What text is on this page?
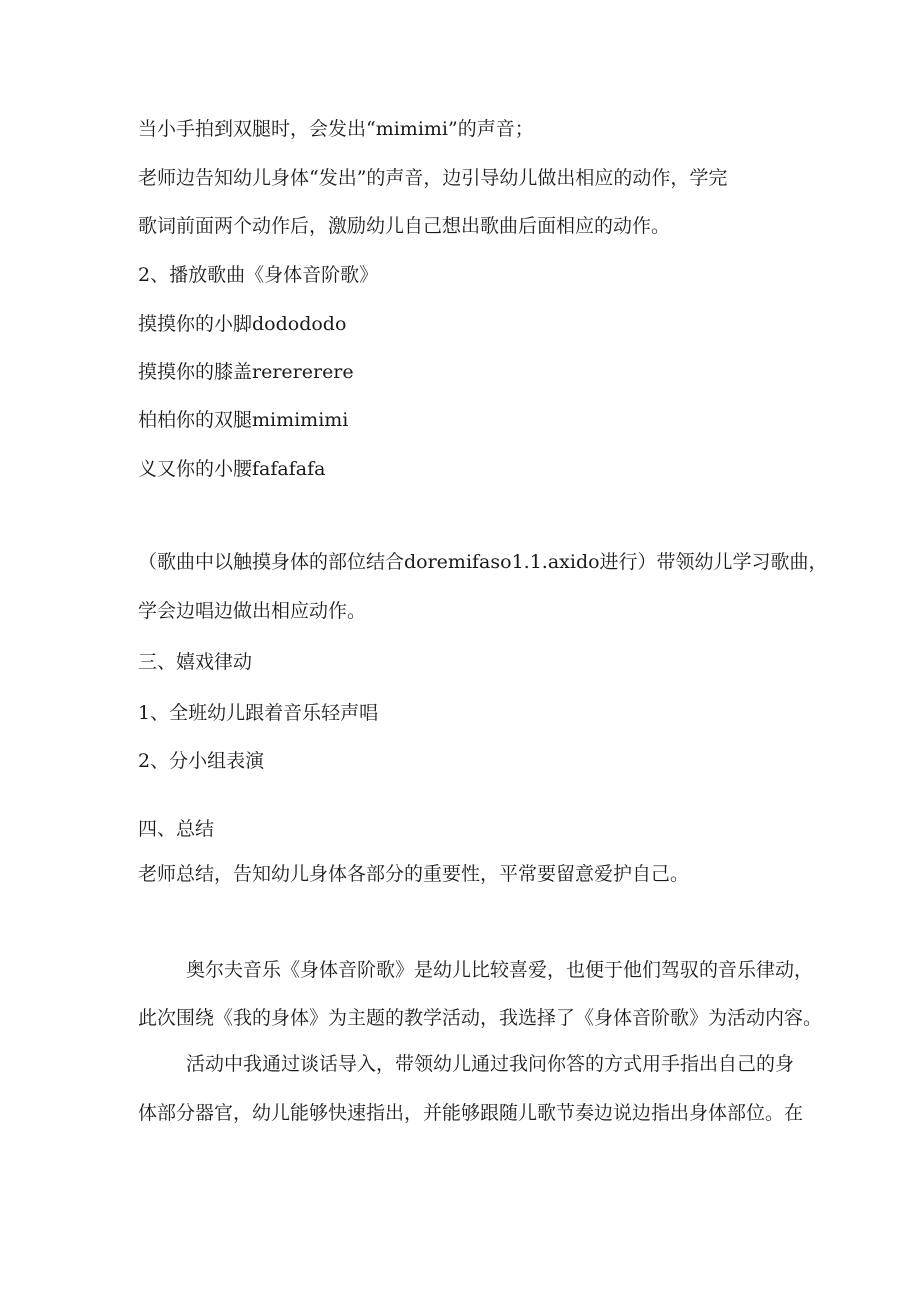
当小手拍到双腿时，会发出“mimimi”的声音；

老师边告知幼儿身体“发出”的声音，边引导幼儿做出相应的动作，学完

歌词前面两个动作后，激励幼儿自己想出歌曲后面相应的动作。

2、播放歌曲《身体音阶歌》

摸摸你的小脚dodododo

摸摸你的膝盖rerererere

柏柏你的双腿mimimimi

义又你的小腰fafafafa

（歌曲中以触摸身体的部位结合doremifaso1.1.axido进行）带领幼儿学习歌曲，

学会边唱边做出相应动作。

三、嬉戏律动

1、全班幼儿跟着音乐轻声唱

2、分小组表演

四、总结

老师总结，告知幼儿身体各部分的重要性，平常要留意爱护自己。

奥尔夫音乐《身体音阶歌》是幼儿比较喜爱，也便于他们驾驭的音乐律动，

此次围绕《我的身体》为主题的教学活动，我选择了《身体音阶歌》为活动内容。

活动中我通过谈话导入，带领幼儿通过我问你答的方式用手指出自己的身

体部分器官，幼儿能够快速指出，并能够跟随儿歌节奏边说边指出身体部位。在
